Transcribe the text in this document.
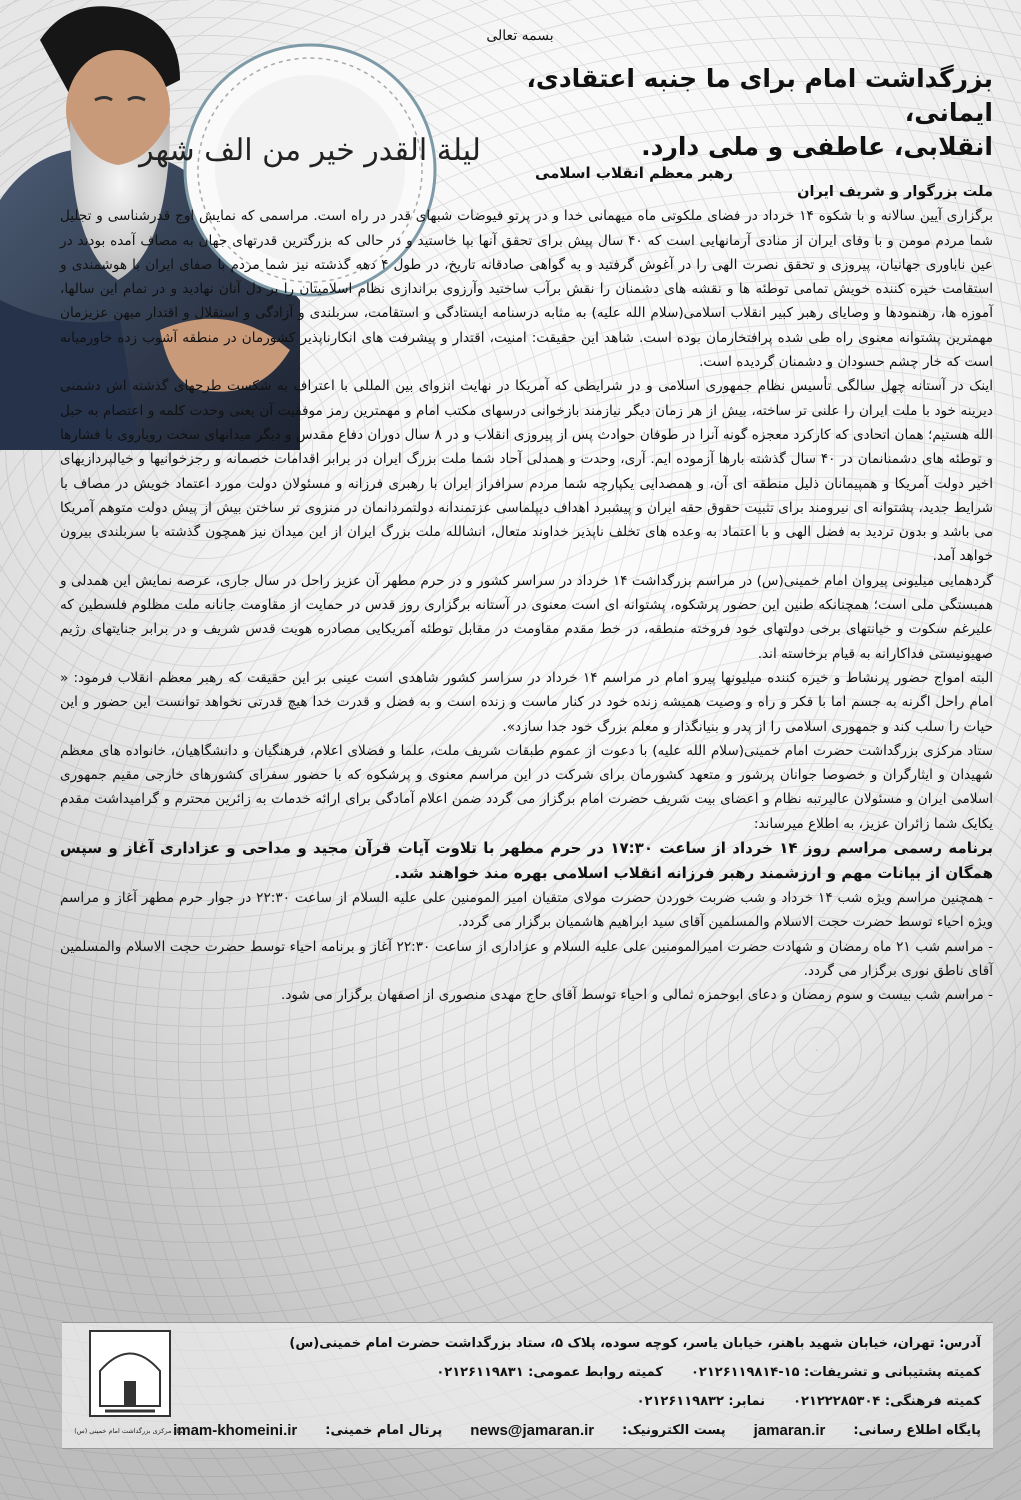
لیلة القدر خیر من الف شهر
بسمه تعالی
بزرگداشت امام برای ما جنبه اعتقادی، ایمانی،
انقلابی، عاطفی و ملی دارد.
رهبر معظم انقلاب اسلامی

ملت بزرگوار و شریف ایران

برگزاری آیین سالانه و با شکوه ۱۴ خرداد در فضای ملکوتی ماه میهمانی خدا و در پرتو فیوضات شبهای قدر در راه است. مراسمی که نمایش اوج قدرشناسی و تجلیل شما مردم مومن و با وفای ایران از منادی آرمانهایی است که ۴۰ سال پیش برای تحقق آنها بپا خاستید و در حالی که بزرگترین قدرتهای جهان به مصاف آمده بودند در عین ناباوری جهانیان، پیروزی و تحقق نصرت الهی را در آغوش گرفتید و به گواهی صادقانه تاریخ، در طول ۴ دهه گذشته نیز شما مردم با صفای ایران با هوشمندی و استقامت خیره کننده خویش تمامی توطئه ها و نقشه های دشمنان را نقش برآب ساختید وآرزوی براندازی نظام اسلامیتان را بر دل آنان نهادید و در تمام این سالها، آموزه ها، رهنمودها و وصایای رهبر کبیر انقلاب اسلامی(سلام الله علیه) به مثابه درسنامه ایستادگی و استقامت، سربلندی و آزادگی و استقلال و اقتدار میهن عزیزمان مهمترین پشتوانه معنوی راه طی شده پرافتخارمان بوده است. شاهد این حقیقت: امنیت، اقتدار و پیشرفت های انکارناپذیر کشورمان در منطقه آشوب زده خاورمیانه است که خار چشم حسودان و دشمنان گردیده است.

اینک در آستانه چهل سالگی تأسیس نظام جمهوری اسلامی و در شرایطی که آمریکا در نهایت انزوای بین المللی با اعتراف به شکست طرحهای گذشته اش دشمنی دیرینه خود با ملت ایران را علنی تر ساخته، بیش از هر زمان دیگر نیازمند بازخوانی درسهای مکتب امام و مهمترین رمز موفقیت آن یعنی وحدت کلمه و اعتصام به حبل الله هستیم؛ همان اتحادی که کارکرد معجزه گونه آنرا در طوفان حوادث پس از پیروزی انقلاب و در ۸ سال دوران دفاع مقدس و دیگر میدانهای سخت رویاروی با فشارها و توطئه های دشمنانمان در ۴۰ سال گذشته بارها آزموده ایم. آری، وحدت و همدلی آحاد شما ملت بزرگ ایران در برابر اقدامات خصمانه و رجزخوانیها و خیالپردازیهای اخیر دولت آمریکا و همپیمانان ذلیل منطقه ای آن، و همصدایی یکپارچه شما مردم سرافراز ایران با رهبری فرزانه و مسئولان دولت مورد اعتماد خویش در مصاف با شرایط جدید، پشتوانه ای نیرومند برای تثبیت حقوق حقه ایران و پیشبرد اهداف دیپلماسی عزتمندانه دولتمردانمان در منزوی تر ساختن بیش از پیش دولت متوهم آمریکا می باشد و بدون تردید به فضل الهی و با اعتماد به وعده های تخلف ناپذیر خداوند متعال، انشالله ملت بزرگ ایران از این میدان نیز همچون گذشته با سربلندی بیرون خواهد آمد.

گردهمایی میلیونی پیروان امام خمینی(س) در مراسم بزرگداشت ۱۴ خرداد در سراسر کشور و در حرم مطهر آن عزیز راحل در سال جاری، عرصه نمایش این همدلی و همبستگی ملی است؛ همچنانکه طنین این حضور پرشکوه، پشتوانه ای است معنوی در آستانه برگزاری روز قدس در حمایت از مقاومت جانانه ملت مظلوم فلسطین که علیرغم سکوت و خیانتهای برخی دولتهای خود فروخته منطقه، در خط مقدم مقاومت در مقابل توطئه آمریکایی مصادره هویت قدس شریف و در برابر جنایتهای رژیم صهیونیستی فداکارانه به قیام برخاسته اند.

البته امواج حضور پرنشاط و خیره کننده میلیونها پیرو امام در مراسم ۱۴ خرداد در سراسر کشور شاهدی است عینی بر این حقیقت که رهبر معظم انقلاب فرمود: « امام راحل اگرنه به جسم اما با فکر و راه و وصیت همیشه زنده خود در کنار ماست و زنده است و به فضل و قدرت خدا هیچ قدرتی نخواهد توانست این حضور و این حیات را سلب کند و جمهوری اسلامی را از پدر و بنیانگذار و معلم بزرگ خود جدا سازد».

ستاد مرکزی بزرگداشت حضرت امام خمینی(سلام الله علیه) با دعوت از عموم طبقات شریف ملت، علما و فضلای اعلام، فرهنگیان و دانشگاهیان، خانواده های معظم شهیدان و ایثارگران و خصوصا جوانان پرشور و متعهد کشورمان برای شرکت در این مراسم معنوی و پرشکوه که با حضور سفرای کشورهای خارجی مقیم جمهوری اسلامی ایران و مسئولان عالیرتبه نظام و اعضای بیت شریف حضرت امام برگزار می گردد ضمن اعلام آمادگی برای ارائه خدمات به زائرین محترم و گرامیداشت مقدم یکایک شما زائران عزیز، به اطلاع میرساند:

برنامه رسمی مراسم روز ۱۴ خرداد از ساعت ۱۷:۳۰ در حرم مطهر با تلاوت آیات قرآن مجید و مداحی و عزاداری آغاز و سپس همگان از بیانات مهم و ارزشمند رهبر فرزانه انقلاب اسلامی بهره مند خواهند شد.

- همچنین مراسم ویژه شب ۱۴ خرداد و شب ضربت خوردن حضرت مولای متقیان امیر المومنین علی علیه السلام از ساعت ۲۲:۳۰ در جوار حرم مطهر آغاز و مراسم ویژه احیاء توسط حضرت حجت الاسلام والمسلمین آقای سید ابراهیم هاشمیان برگزار می گردد.

- مراسم شب ۲۱ ماه رمضان و شهادت حضرت امیرالمومنین علی علیه السلام و عزاداری از ساعت ۲۲:۳۰ آغاز و برنامه احیاء توسط حضرت حجت الاسلام والمسلمین آقای ناطق نوری برگزار می گردد.

- مراسم شب بیست و سوم رمضان و دعای ابوحمزه ثمالی و احیاء توسط آقای حاج مهدی منصوری از اصفهان برگزار می شود.

آدرس: تهران، خیابان شهید باهنر، خیابان یاسر، کوچه سوده، پلاک ۵، ستاد بزرگداشت حضرت امام خمینی(س)
کمیته پشتیبانی و تشریفات: ۱۵-۰۲۱۲۶۱۱۹۸۱۴
کمیته روابط عمومی: ۰۲۱۲۶۱۱۹۸۳۱
کمیته فرهنگی: ۰۲۱۲۲۲۸۵۳۰۴
نمابر: ۰۲۱۲۶۱۱۹۸۳۲
پایگاه اطلاع رسانی:
jamaran.ir
پست الکترونیک:
news@jamaran.ir
پرتال امام خمینی:
imam-khomeini.ir
ستاد مرکزی بزرگداشت امام خمینی (س)
